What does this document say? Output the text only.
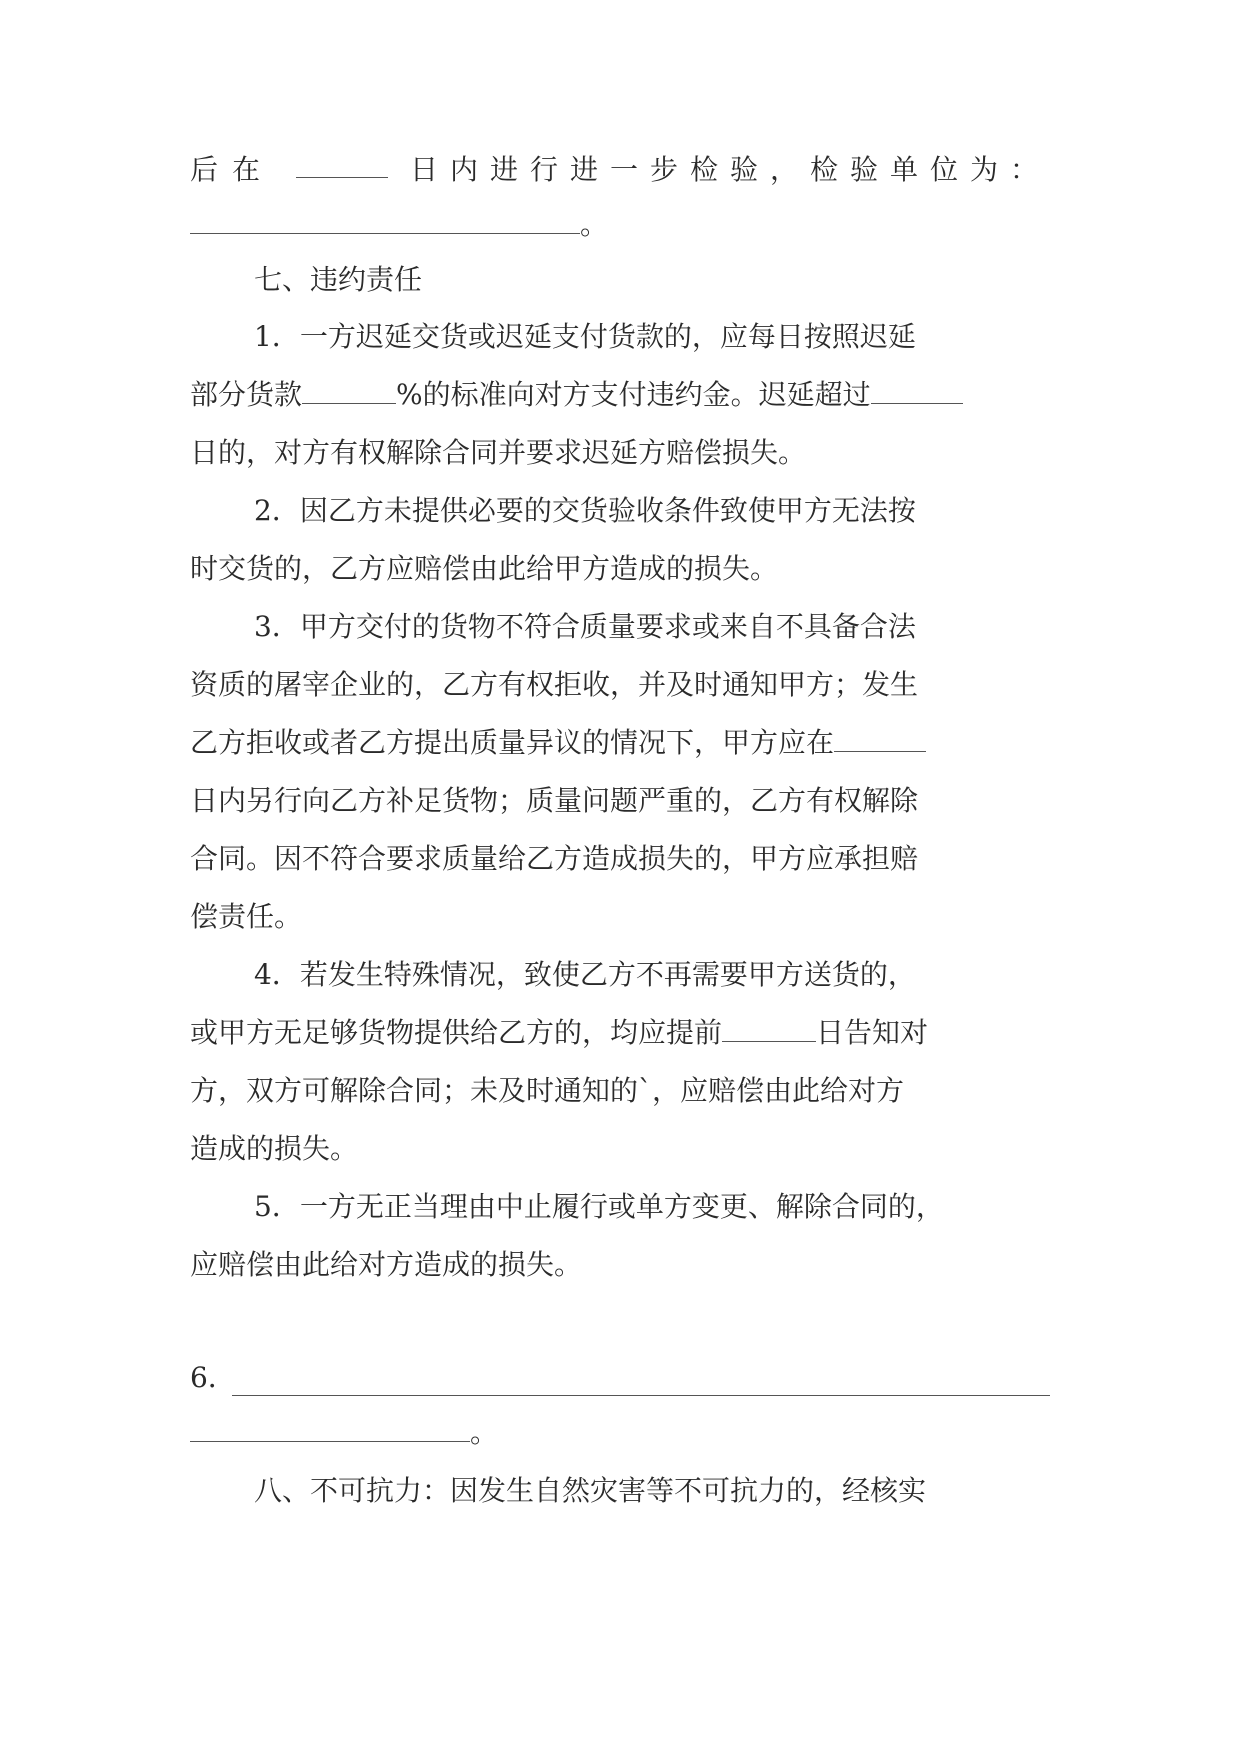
后在	日内进行进一步检验，检验单位为：
。
七、违约责任
1．一方迟延交货或迟延支付货款的，应每日按照迟延
部分货款	%的标准向对方支付违约金。迟延超过
日的，对方有权解除合同并要求迟延方赔偿损失。
2．因乙方未提供必要的交货验收条件致使甲方无法按
时交货的，乙方应赔偿由此给甲方造成的损失。
3．甲方交付的货物不符合质量要求或来自不具备合法
资质的屠宰企业的，乙方有权拒收，并及时通知甲方；发生
乙方拒收或者乙方提出质量异议的情况下，甲方应在
日内另行向乙方补足货物；质量问题严重的，乙方有权解除
合同。因不符合要求质量给乙方造成损失的，甲方应承担赔
偿责任。
4．若发生特殊情况，致使乙方不再需要甲方送货的，
或甲方无足够货物提供给乙方的，均应提前	日告知对
方，双方可解除合同；未及时通知的`，应赔偿由此给对方
造成的损失。
5．一方无正当理由中止履行或单方变更、解除合同的，
应赔偿由此给对方造成的损失。
6．
。
八、不可抗力：因发生自然灾害等不可抗力的，经核实
